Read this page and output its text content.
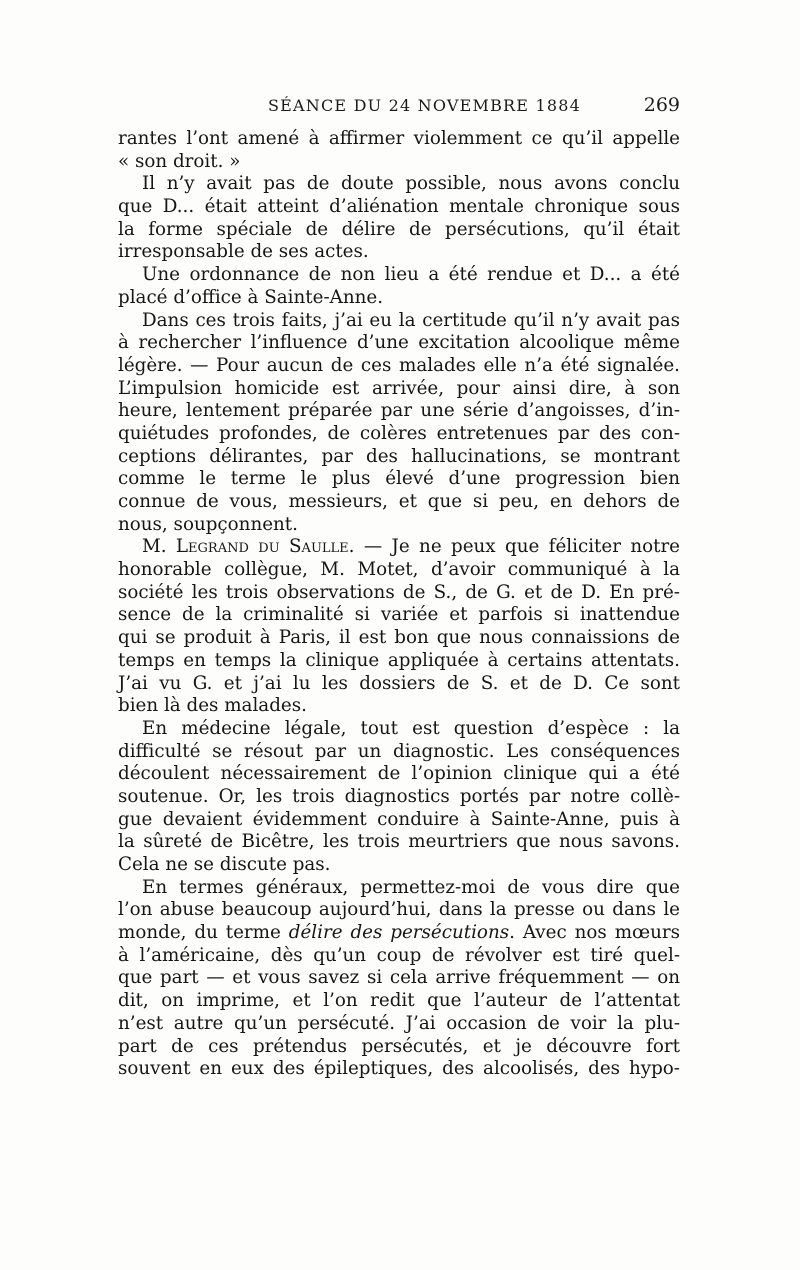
SÉANCE DU 24 NOVEMBRE 1884	269
rantes l’ont amené à affirmer violemment ce qu’il appelle
« son droit. »
Il n’y avait pas de doute possible, nous avons conclu
que D... était atteint d’aliénation mentale chronique sous
la forme spéciale de délire de persécutions, qu’il était
irresponsable de ses actes.
Une ordonnance de non lieu a été rendue et D... a été
placé d’office à Sainte-Anne.
Dans ces trois faits, j’ai eu la certitude qu’il n’y avait pas
à rechercher l’influence d’une excitation alcoolique même
légère. — Pour aucun de ces malades elle n’a été signalée.
L’impulsion homicide est arrivée, pour ainsi dire, à son
heure, lentement préparée par une série d’angoisses, d’in-
quiétudes profondes, de colères entretenues par des con-
ceptions délirantes, par des hallucinations, se montrant
comme le terme le plus élevé d’une progression bien
connue de vous, messieurs, et que si peu, en dehors de
nous, soupçonnent.
M. Legrand du Saulle. — Je ne peux que féliciter notre
honorable collègue, M. Motet, d’avoir communiqué à la
société les trois observations de S., de G. et de D. En pré-
sence de la criminalité si variée et parfois si inattendue
qui se produit à Paris, il est bon que nous connaissions de
temps en temps la clinique appliquée à certains attentats.
J’ai vu G. et j’ai lu les dossiers de S. et de D. Ce sont
bien là des malades.
En médecine légale, tout est question d’espèce : la
difficulté se résout par un diagnostic. Les conséquences
découlent nécessairement de l’opinion clinique qui a été
soutenue. Or, les trois diagnostics portés par notre collè-
gue devaient évidemment conduire à Sainte-Anne, puis à
la sûreté de Bicêtre, les trois meurtriers que nous savons.
Cela ne se discute pas.
En termes généraux, permettez-moi de vous dire que
l’on abuse beaucoup aujourd’hui, dans la presse ou dans le
monde, du terme délire des persécutions. Avec nos mœurs
à l’américaine, dès qu’un coup de révolver est tiré quel-
que part — et vous savez si cela arrive fréquemment — on
dit, on imprime, et l’on redit que l’auteur de l’attentat
n’est autre qu’un persécuté. J’ai occasion de voir la plu-
part de ces prétendus persécutés, et je découvre fort
souvent en eux des épileptiques, des alcoolisés, des hypo-
